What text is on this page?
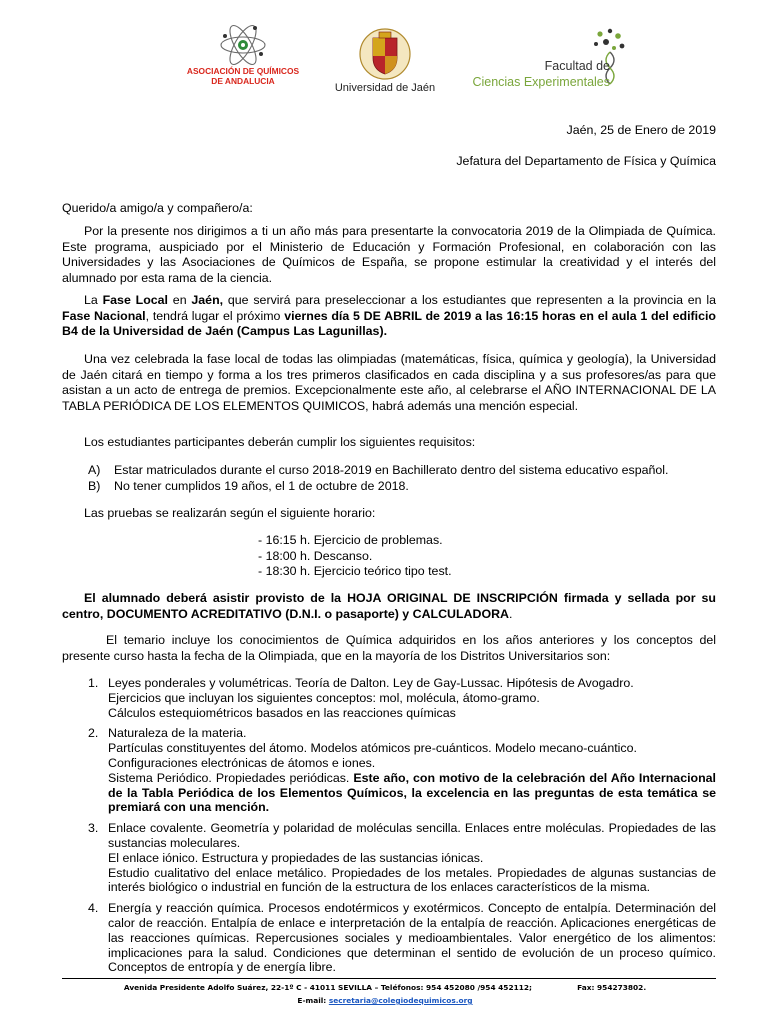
ASOCIACIÓN DE QUÍMICOS
DE ANDALUCIA
Universidad de Jaén
Facultad de
Ciencias Experimentales
Jaén, 25 de Enero de 2019
Jefatura del Departamento de Física y Química

Querido/a amigo/a y compañero/a:

Por la presente nos dirigimos a ti un año más para presentarte la convocatoria 2019 de la Olimpiada de Química. Este programa, auspiciado por el Ministerio de Educación y Formación Profesional, en colaboración con las Universidades y las Asociaciones de Químicos de España, se propone estimular la creatividad y el interés del alumnado por esta rama de la ciencia.

La Fase Local en Jaén, que servirá para preseleccionar a los estudiantes que representen a la provincia en la Fase Nacional, tendrá lugar el próximo viernes día 5 DE ABRIL de 2019 a las 16:15 horas en el aula 1 del edificio B4 de la Universidad de Jaén (Campus Las Lagunillas).

Una vez celebrada la fase local de todas las olimpiadas (matemáticas, física, química y geología), la Universidad de Jaén citará en tiempo y forma a los tres primeros clasificados en cada disciplina y a sus profesores/as para que asistan a un acto de entrega de premios. Excepcionalmente este año, al celebrarse el AÑO INTERNACIONAL DE LA TABLA PERIÓDICA DE LOS ELEMENTOS QUIMICOS, habrá además una mención especial.

Los estudiantes participantes deberán cumplir los siguientes requisitos:

A)	Estar matriculados durante el curso 2018-2019 en Bachillerato dentro del sistema educativo español.
B)	No tener cumplidos 19 años, el 1 de octubre de 2018.

Las pruebas se realizarán según el siguiente horario:

- 16:15 h. Ejercicio de problemas.
- 18:00 h. Descanso.
- 18:30 h. Ejercicio teórico tipo test.

El alumnado deberá asistir provisto de la HOJA ORIGINAL DE INSCRIPCIÓN firmada y sellada por su centro, DOCUMENTO ACREDITATIVO (D.N.I. o pasaporte) y CALCULADORA.

El temario incluye los conocimientos de Química adquiridos en los años anteriores y los conceptos del presente curso hasta la fecha de la Olimpiada, que en la mayoría de los Distritos Universitarios son:

1. Leyes ponderales y volumétricas. Teoría de Dalton. Ley de Gay-Lussac. Hipótesis de Avogadro.

Ejercicios que incluyan los siguientes conceptos: mol, molécula, átomo-gramo.

Cálculos estequiométricos basados en las reacciones químicas

2. Naturaleza de la materia.

Partículas constituyentes del átomo. Modelos atómicos pre-cuánticos. Modelo mecano-cuántico.

Configuraciones electrónicas de átomos e iones.

Sistema Periódico. Propiedades periódicas. Este año, con motivo de la celebración del Año Internacional de la Tabla Periódica de los Elementos Químicos, la excelencia en las preguntas de esta temática se premiará con una mención.

3. Enlace covalente. Geometría y polaridad de moléculas sencilla. Enlaces entre moléculas. Propiedades de las sustancias moleculares.

El enlace iónico. Estructura y propiedades de las sustancias iónicas.

Estudio cualitativo del enlace metálico. Propiedades de los metales. Propiedades de algunas sustancias de interés biológico o industrial en función de la estructura de los enlaces característicos de la misma.

4. Energía y reacción química. Procesos endotérmicos y exotérmicos. Concepto de entalpía. Determinación del calor de reacción. Entalpía de enlace e interpretación de la entalpía de reacción. Aplicaciones energéticas de las reacciones químicas. Repercusiones sociales y medioambientales. Valor energético de los alimentos: implicaciones para la salud. Condiciones que determinan el sentido de evolución de un proceso químico. Conceptos de entropía y de energía libre.

Avenida Presidente Adolfo Suárez, 22-1º C - 41011 SEVILLA – Teléfonos: 954 452080 /954 452112;	Fax: 954273802.
E-mail: secretaria@colegiodequimicos.org
